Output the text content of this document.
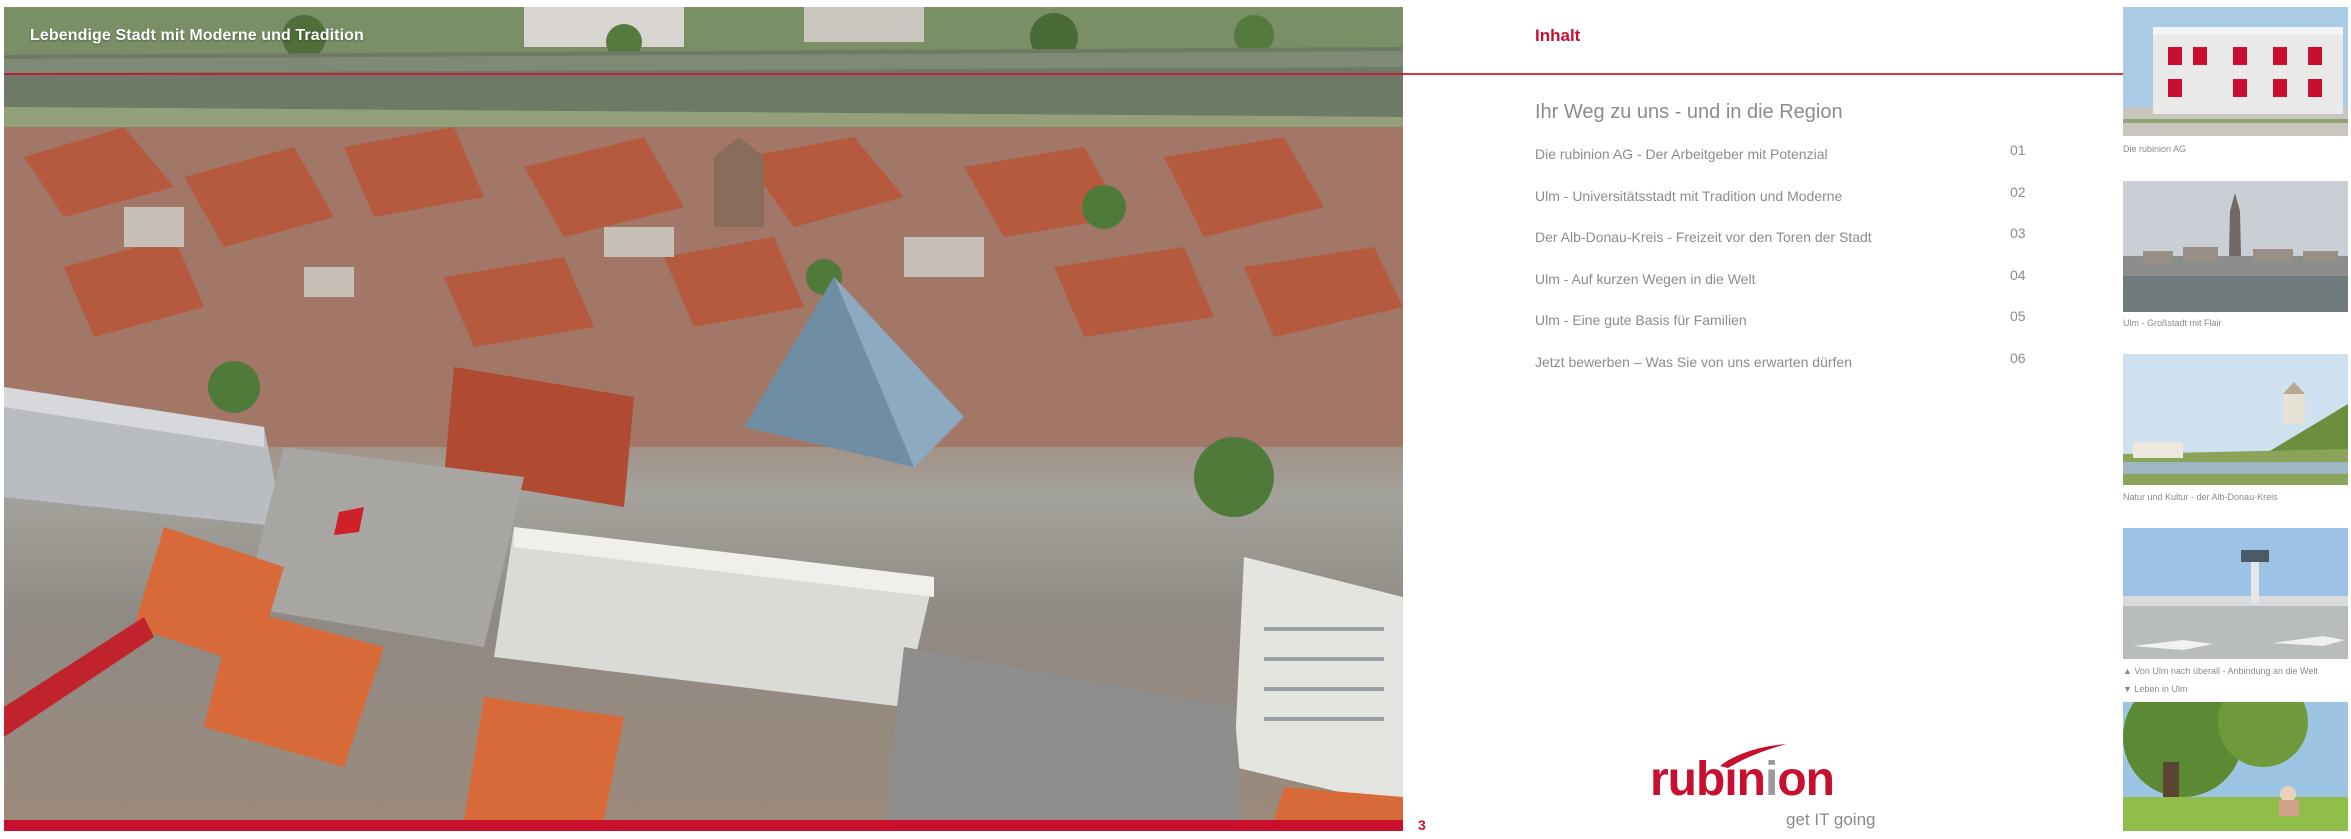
Lebendige Stadt mit Moderne und Tradition
3
Inhalt
Ihr Weg zu uns - und in die Region
Die rubinion AG - Der Arbeitgeber mit Potenzial	01
Ulm - Universitätsstadt mit Tradition und Moderne	02
Der Alb-Donau-Kreis - Freizeit vor den Toren der Stadt	03
Ulm - Auf kurzen Wegen in die Welt	04
Ulm - Eine gute Basis für Familien	05
Jetzt bewerben – Was Sie von uns erwarten dürfen	06
rubinion
get IT going
Die rubinion AG
Ulm - Großstadt mit Flair
Natur und Kultur - der Alb-Donau-Kreis
▲ Von Ulm nach überall - Anbindung an die Welt
▼ Leben in Ulm
